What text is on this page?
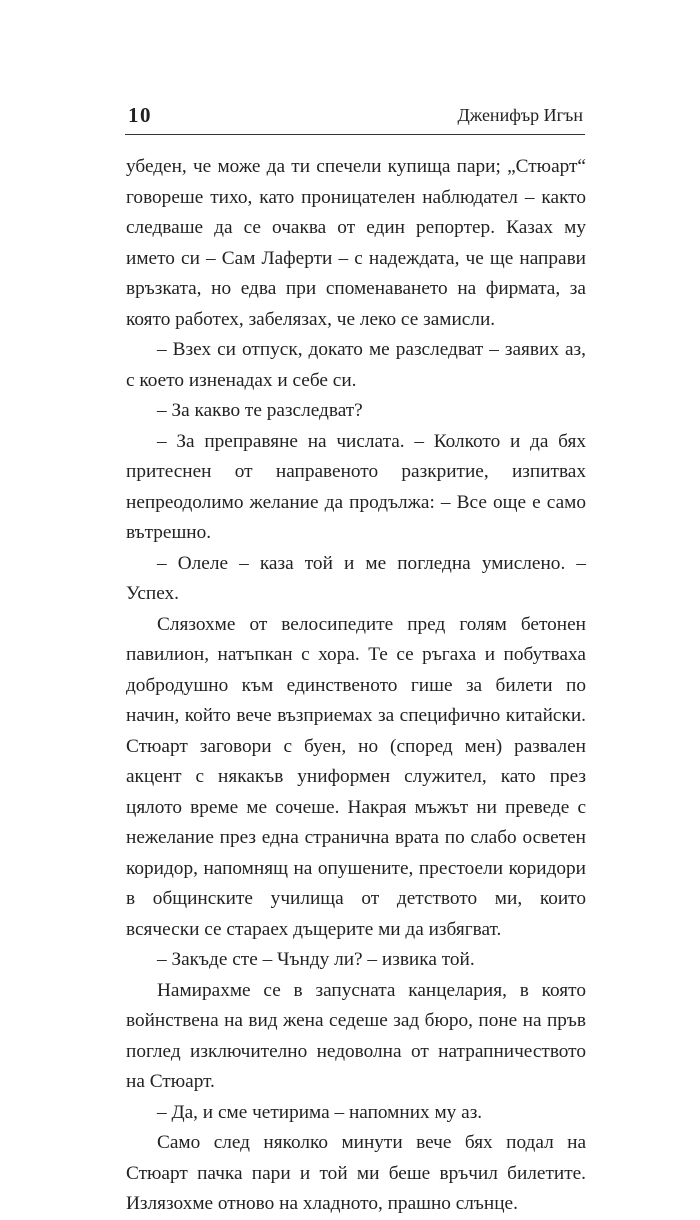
10	Дженифър Игън

убеден, че може да ти спечели купища пари; „Стюарт“ говореше тихо, като проницателен наблюдател – както следваше да се очаква от един репортер. Казах му името си – Сам Лаферти – с надеждата, че ще направи връзката, но едва при споменаването на фирмата, за която работех, забелязах, че леко се замисли.

– Взех си отпуск, докато ме разследват – заявих аз, с което изненадах и себе си.

– За какво те разследват?

– За преправяне на числата. – Колкото и да бях притеснен от направеното разкритие, изпитвах непреодолимо желание да продължа: – Все още е само вътрешно.

– Олеле – каза той и ме погледна умислено. – Успех.

Слязохме от велосипедите пред голям бетонен павилион, натъпкан с хора. Те се ръгаха и побутваха добродушно към единственото гише за билети по начин, който вече възприемах за специфично китайски. Стюарт заговори с буен, но (според мен) развален акцент с някакъв униформен служител, като през цялото време ме сочеше. Накрая мъжът ни преведе с нежелание през една странична врата по слабо осветен коридор, напомнящ на опушените, престоели коридори в общинските училища от детството ми, които всячески се стараех дъщерите ми да избягват.

– Закъде сте – Чънду ли? – извика той.

Намирахме се в запусната канцелария, в която войнствена на вид жена седеше зад бюро, поне на пръв поглед изключително недоволна от натрапничеството на Стюарт.

– Да, и сме четирима – напомних му аз.

Само след няколко минути вече бях подал на Стюарт пачка пари и той ми беше връчил билетите. Излязохме отново на хладното, прашно слънце.
